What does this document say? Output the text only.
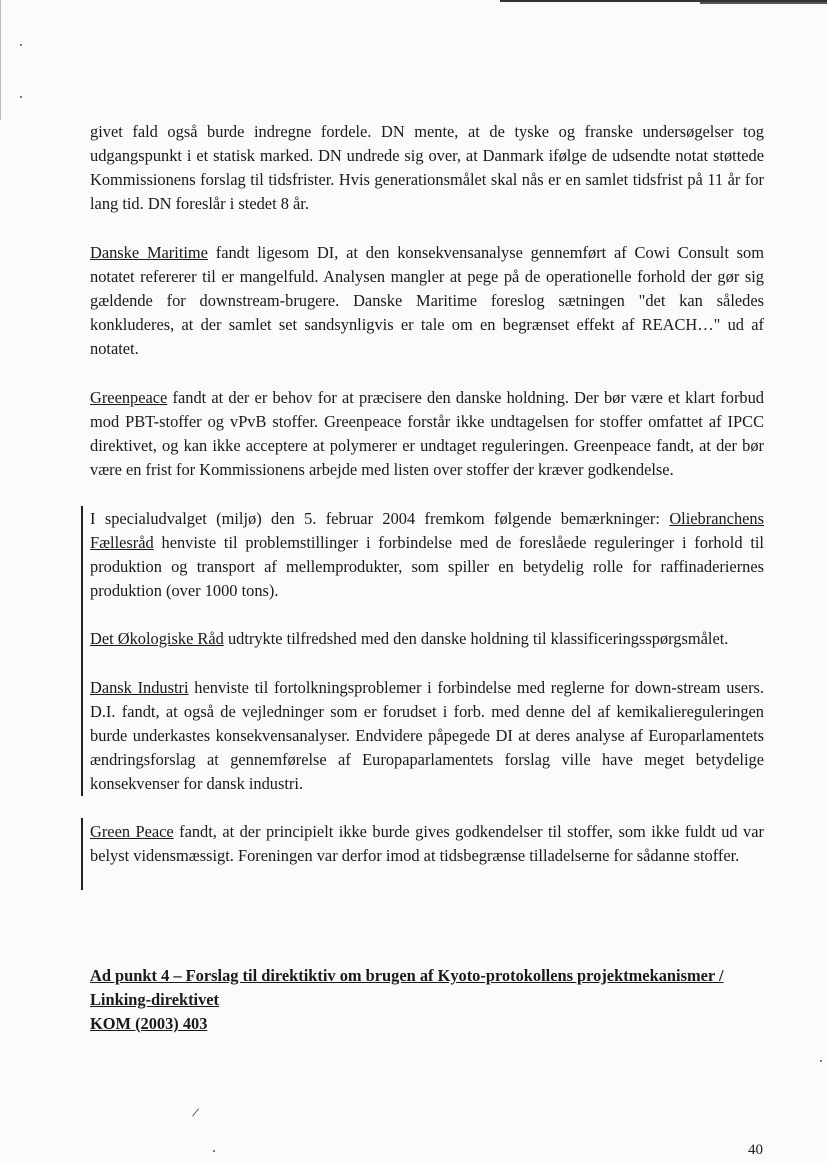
givet fald også burde indregne fordele. DN mente, at de tyske og franske undersøgelser tog udgangspunkt i et statisk marked. DN undrede sig over, at Danmark ifølge de udsendte notat støttede Kommissionens forslag til tidsfrister. Hvis generationsmålet skal nås er en samlet tidsfrist på 11 år for lang tid. DN foreslår i stedet 8 år.
Danske Maritime fandt ligesom DI, at den konsekvensanalyse gennemført af Cowi Consult som notatet refererer til er mangelfuld. Analysen mangler at pege på de operationelle forhold der gør sig gældende for downstream-brugere. Danske Maritime foreslog sætningen "det kan således konkluderes, at der samlet set sandsynligvis er tale om en begrænset effekt af REACH…" ud af notatet.
Greenpeace fandt at der er behov for at præcisere den danske holdning. Der bør være et klart forbud mod PBT-stoffer og vPvB stoffer. Greenpeace forstår ikke undtagelsen for stoffer omfattet af IPCC direktivet, og kan ikke acceptere at polymerer er undtaget reguleringen. Greenpeace fandt, at der bør være en frist for Kommissionens arbejde med listen over stoffer der kræver godkendelse.
I specialudvalget (miljø) den 5. februar 2004 fremkom følgende bemærkninger: Oliebranchens Fællesråd henviste til problemstillinger i forbindelse med de foreslåede reguleringer i forhold til produktion og transport af mellemprodukter, som spiller en betydelig rolle for raffinaderiernes produktion (over 1000 tons).
Det Økologiske Råd udtrykte tilfredshed med den danske holdning til klassificeringsspørgsmålet.
Dansk Industri henviste til fortolkningsproblemer i forbindelse med reglerne for down-stream users. D.I. fandt, at også de vejledninger som er forudset i forb. med denne del af kemikaliereguleringen burde underkastes konsekvensanalyser. Endvidere påpegede DI at deres analyse af Europarlamentets ændringsforslag at gennemførelse af Europaparlamentets forslag ville have meget betydelige konsekvenser for dansk industri.
Green Peace fandt, at der principielt ikke burde gives godkendelser til stoffer, som ikke fuldt ud var belyst vidensmæssigt. Foreningen var derfor imod at tidsbegrænse tilladelserne for sådanne stoffer.
Ad punkt 4 – Forslag til direktiktiv om brugen af Kyoto-protokollens projektmekanismer /
Linking-direktivet
KOM (2003) 403
/
40
